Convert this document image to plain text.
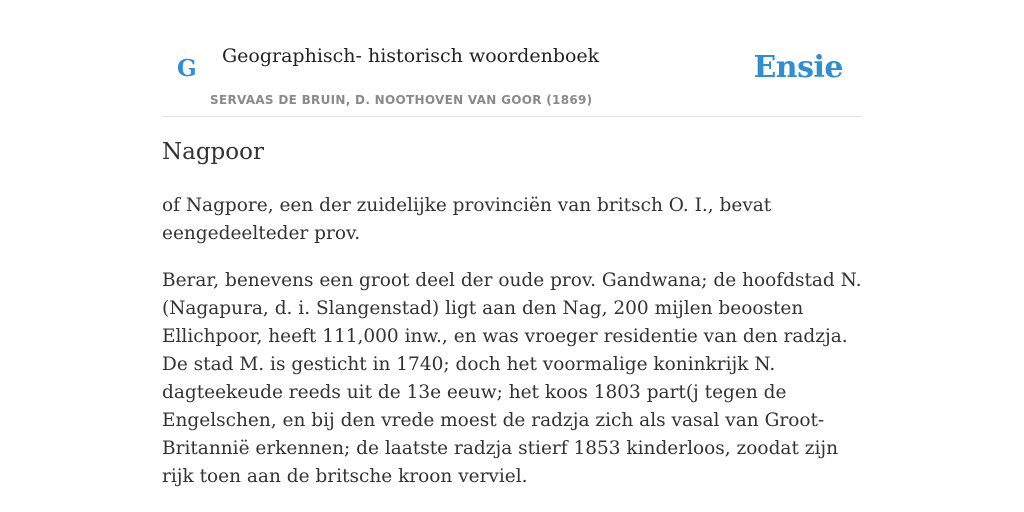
G Geographisch- historisch woordenboek
SERVAAS DE BRUIN, D. NOOTHOVEN VAN GOOR (1869)
Ensie
Nagpoor

of Nagpore, een der zuidelijke provinciën van britsch O. I., bevat eengedeelteder prov.

Berar, benevens een groot deel der oude prov. Gandwana; de hoofdstad N. (Nagapura, d. i. Slangenstad) ligt aan den Nag, 200 mijlen beoosten Ellichpoor, heeft 111,000 inw., en was vroeger residentie van den radzja. De stad M. is gesticht in 1740; doch het voormalige koninkrijk N. dagteekeude reeds uit de 13e eeuw; het koos 1803 part(j tegen de Engelschen, en bij den vrede moest de radzja zich als vasal van Groot-Britannië erkennen; de laatste radzja stierf 1853 kinderloos, zoodat zijn rijk toen aan de britsche kroon verviel.
